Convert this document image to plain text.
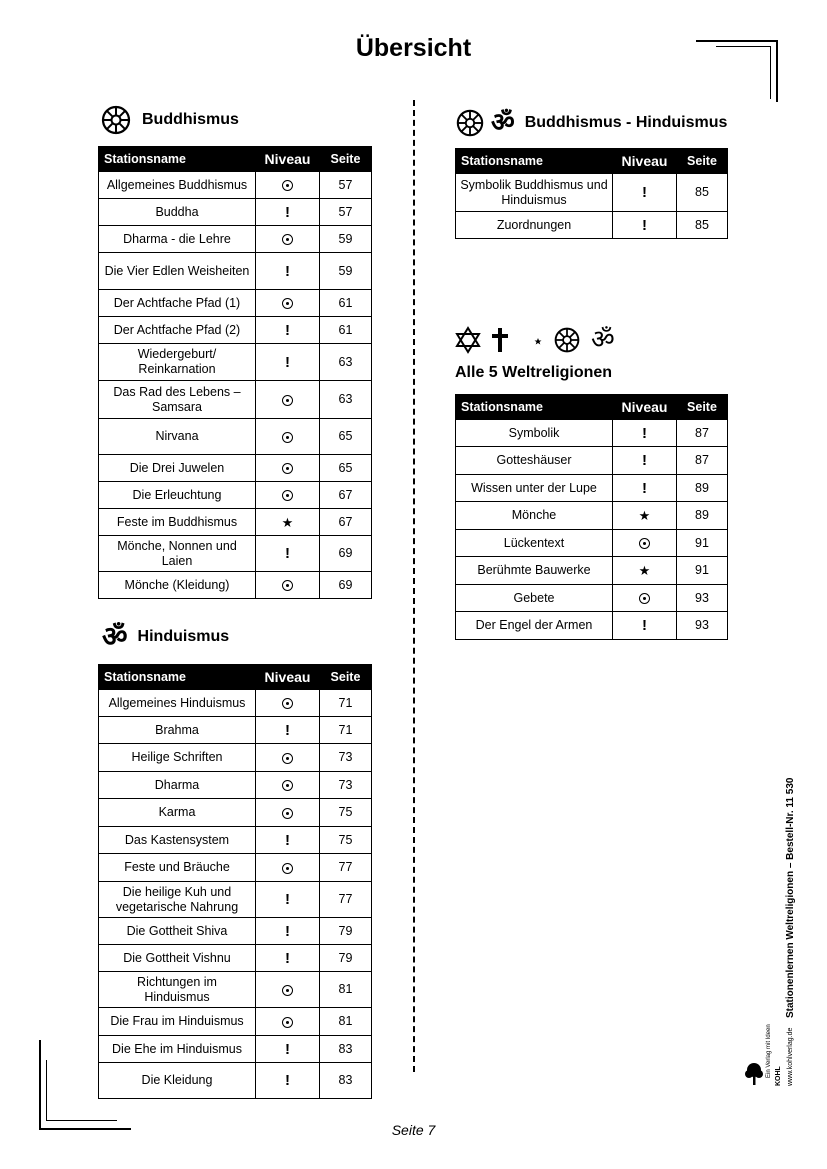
Übersicht
Buddhismus
ॐ Hinduismus
ॐ Buddhismus - Hinduismus
ॐ
Alle 5 Weltreligionen
Stationsname	Niveau	Seite
Allgemeines Buddhismus		57
Buddha	!	57
Dharma - die Lehre		59
Die Vier Edlen Weisheiten	!	59
Der Achtfache Pfad (1)		61
Der Achtfache Pfad (2)	!	61
Wiedergeburt/ Reinkarnation	!	63
Das Rad des Lebens – Samsara		63
Nirvana		65
Die Drei Juwelen		65
Die Erleuchtung		67
Feste im Buddhismus	★	67
Mönche, Nonnen und Laien	!	69
Mönche (Kleidung)		69
Stationsname	Niveau	Seite
Allgemeines Hinduismus		71
Brahma	!	71
Heilige Schriften		73
Dharma		73
Karma		75
Das Kastensystem	!	75
Feste und Bräuche		77
Die heilige Kuh und vegetarische Nahrung	!	77
Die Gottheit Shiva	!	79
Die Gottheit Vishnu	!	79
Richtungen im Hinduismus		81
Die Frau im Hinduismus		81
Die Ehe im Hinduismus	!	83
Die Kleidung	!	83
Stationsname	Niveau	Seite
Symbolik Buddhismus und Hinduismus	!	85
Zuordnungen	!	85
Stationsname	Niveau	Seite
Symbolik	!	87
Gotteshäuser	!	87
Wissen unter der Lupe	!	89
Mönche	★	89
Lückentext		91
Berühmte Bauwerke	★	91
Gebete		93
Der Engel der Armen	!	93
Stationenlernen Weltreligionen – Bestell-Nr. 11 530
KOHL
Ein Verlag mit Ideen www.kohlverlag.de
Seite 7
